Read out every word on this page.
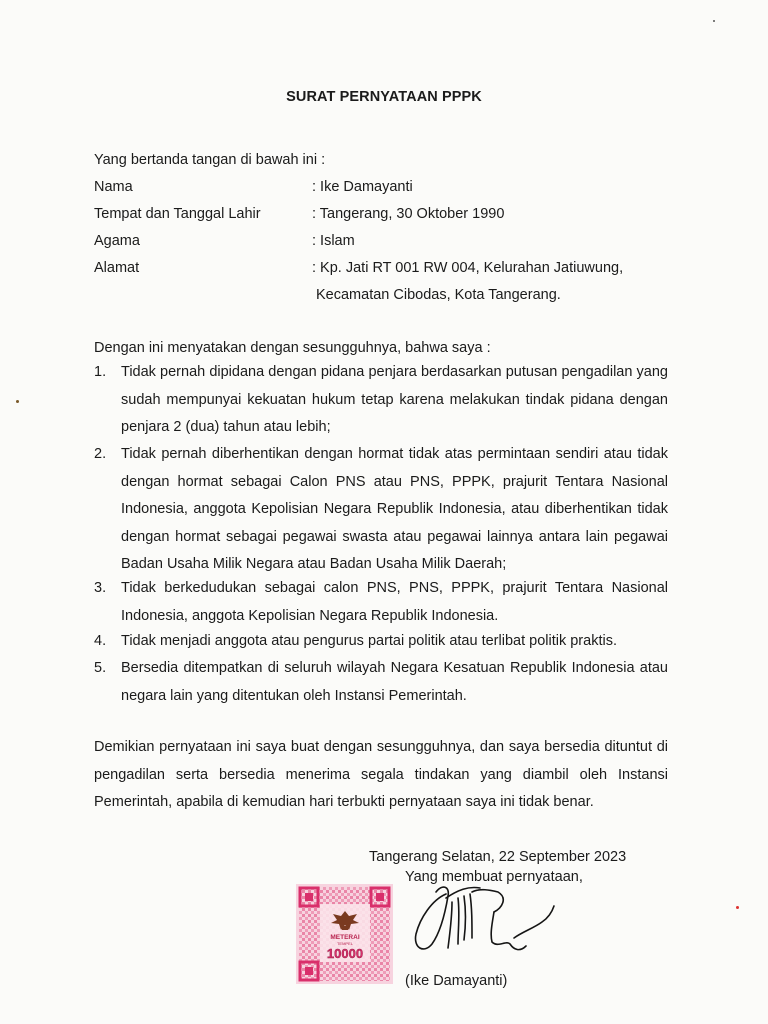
SURAT PERNYATAAN PPPK
Yang bertanda tangan di bawah ini :
Nama	: Ike Damayanti
Tempat dan Tanggal Lahir	: Tangerang, 30 Oktober 1990
Agama	: Islam
Alamat	: Kp. Jati RT 001 RW 004, Kelurahan Jatiuwung,
Kecamatan Cibodas, Kota Tangerang.
Dengan ini menyatakan dengan sesungguhnya, bahwa saya :
1. Tidak pernah dipidana dengan pidana penjara berdasarkan putusan pengadilan yang sudah mempunyai kekuatan hukum tetap karena melakukan tindak pidana dengan penjara 2 (dua) tahun atau lebih;
2. Tidak pernah diberhentikan dengan hormat tidak atas permintaan sendiri atau tidak dengan hormat sebagai Calon PNS atau PNS, PPPK, prajurit Tentara Nasional Indonesia, anggota Kepolisian Negara Republik Indonesia, atau diberhentikan tidak dengan hormat sebagai pegawai swasta atau pegawai lainnya antara lain pegawai Badan Usaha Milik Negara atau Badan Usaha Milik Daerah;
3. Tidak berkedudukan sebagai calon PNS, PNS, PPPK, prajurit Tentara Nasional Indonesia, anggota Kepolisian Negara Republik Indonesia.
4. Tidak menjadi anggota atau pengurus partai politik atau terlibat politik praktis.
5. Bersedia ditempatkan di seluruh wilayah Negara Kesatuan Republik Indonesia atau negara lain yang ditentukan oleh Instansi Pemerintah.
Demikian pernyataan ini saya buat dengan sesungguhnya, dan saya bersedia dituntut di pengadilan serta bersedia menerima segala tindakan yang diambil oleh Instansi Pemerintah, apabila di kemudian hari terbukti pernyataan saya ini tidak benar.
Tangerang Selatan, 22 September 2023
Yang membuat pernyataan,
METERAI
TEMPEL
10000
(Ike Damayanti)
